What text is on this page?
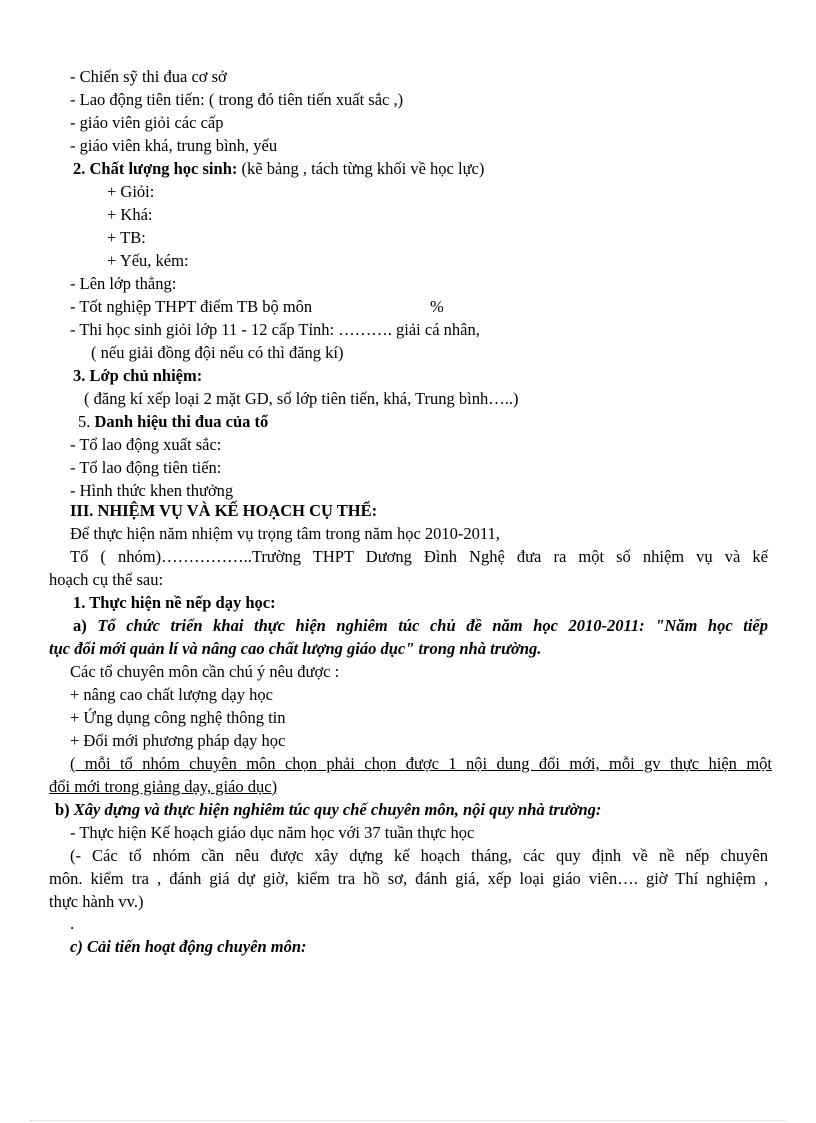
- Chiến sỹ thi đua cơ sở
- Lao động tiên tiến: ( trong đó tiên tiến xuất sắc ,)
- giáo viên giỏi các cấp
- giáo viên khá, trung bình, yếu
2. Chất lượng học sinh: (kẽ bảng , tách từng khối về học lực)
+ Giỏi:
+ Khá:
+ TB:
+ Yếu, kém:
- Lên lớp thẳng:
- Tốt nghiệp THPT điểm TB bộ môn	%
- Thi học sinh giỏi lớp 11 - 12 cấp Tỉnh: ………. giải cá nhân,
( nếu giải đồng đội nếu có thì đăng kí)
3. Lớp chủ nhiệm:
( đăng kí xếp loại 2 mặt GD, số lớp tiên tiến, khá, Trung bình…..)
5. Danh hiệu thi đua của tổ
- Tổ lao động xuất sắc:
- Tổ lao động tiên tiến:
- Hình thức khen thưởng
III. NHIỆM VỤ VÀ KẾ HOẠCH CỤ THỂ:
Để thực hiện năm nhiệm vụ trọng tâm trong năm học 2010-2011,
Tổ ( nhóm)……………..Trường THPT Dương Đình Nghệ đưa ra một số nhiệm vụ và kế
hoạch cụ thể sau:
1. Thực hiện nề nếp dạy học:
a) Tổ chức triển khai thực hiện nghiêm túc chủ đề năm học 2010-2011: "Năm học tiếp
tục đổi mới quản lí và nâng cao chất lượng giáo dục" trong nhà trường.
Các tổ chuyên môn cần chú ý nêu được :
+ nâng cao chất lượng dạy học
+ Ứng dụng công nghệ thông tin
+ Đổi mới phương pháp dạy học
( mỗi tổ nhóm chuyên môn chọn phải chọn được 1 nội dung đổi mới, mỗi gv thực hiện một
đổi mới trong giảng dạy, giáo dục)
b) Xây dựng và thực hiện nghiêm túc quy chế chuyên môn, nội quy nhà trường:
- Thực hiện Kế hoạch giáo dục năm học với 37 tuần thực học
(- Các tổ nhóm cần nêu được xây dựng kế hoạch tháng, các quy định về nề nếp chuyên
môn. kiểm tra , đánh giá dự giờ, kiểm tra hồ sơ, đánh giá, xếp loại giáo viên…. giờ Thí nghiệm ,
thực hành vv.)
.
c) Cải tiến hoạt động chuyên môn:
